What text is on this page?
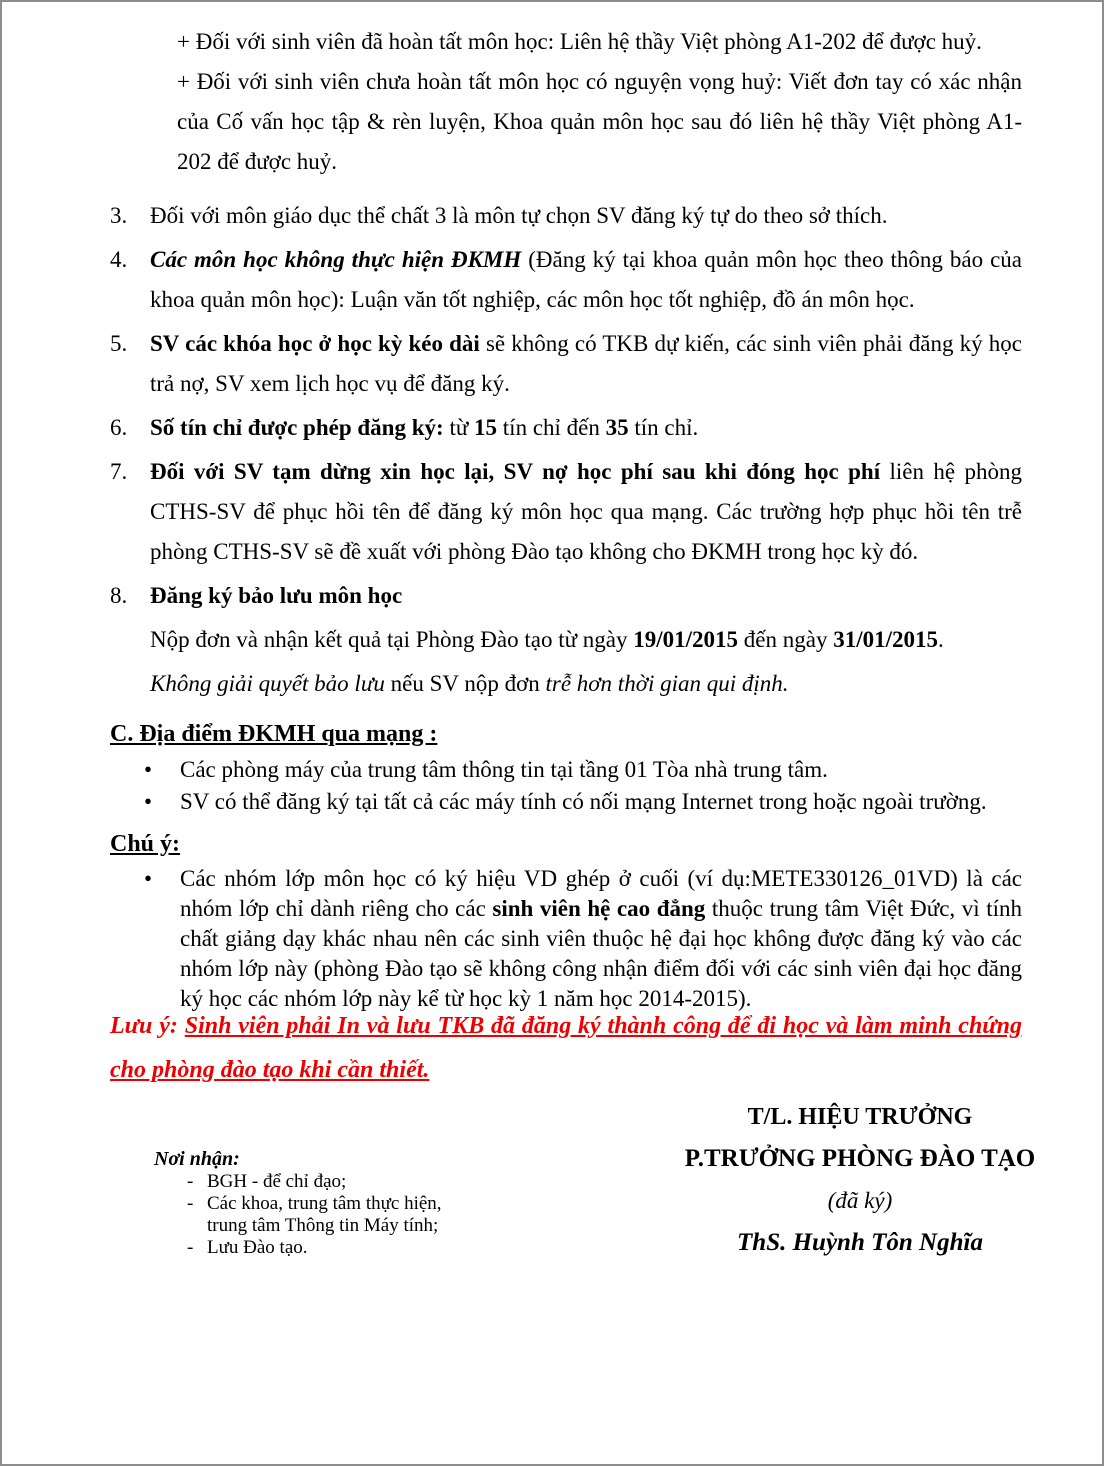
+ Đối với sinh viên đã hoàn tất môn học: Liên hệ thầy Việt phòng A1-202 để được huỷ.

+ Đối với sinh viên chưa hoàn tất môn học có nguyện vọng huỷ: Viết đơn tay có xác nhận của Cố vấn học tập & rèn luyện, Khoa quản môn học sau đó liên hệ thầy Việt phòng A1-202 để được huỷ.

3. Đối với môn giáo dục thể chất 3 là môn tự chọn SV đăng ký tự do theo sở thích.
4. Các môn học không thực hiện ĐKMH (Đăng ký tại khoa quản môn học theo thông báo của khoa quản môn học): Luận văn tốt nghiệp, các môn học tốt nghiệp, đồ án môn học.
5. SV các khóa học ở học kỳ kéo dài sẽ không có TKB dự kiến, các sinh viên phải đăng ký học trả nợ, SV xem lịch học vụ để đăng ký.
6. Số tín chỉ được phép đăng ký: từ 15 tín chỉ đến 35 tín chỉ.
7. Đối với SV tạm dừng xin học lại, SV nợ học phí sau khi đóng học phí liên hệ phòng CTHS-SV để phục hồi tên để đăng ký môn học qua mạng. Các trường hợp phục hồi tên trễ phòng CTHS-SV sẽ đề xuất với phòng Đào tạo không cho ĐKMH trong học kỳ đó.
8. Đăng ký bảo lưu môn học
Nộp đơn và nhận kết quả tại Phòng Đào tạo từ ngày 19/01/2015 đến ngày 31/01/2015.
Không giải quyết bảo lưu nếu SV nộp đơn trễ hơn thời gian qui định.
C. Địa điểm ĐKMH qua mạng :
• Các phòng máy của trung tâm thông tin tại tầng 01 Tòa nhà trung tâm.
• SV có thể đăng ký tại tất cả các máy tính có nối mạng Internet trong hoặc ngoài trường.
Chú ý:
• Các nhóm lớp môn học có ký hiệu VD ghép ở cuối (ví dụ:METE330126_01VD) là các nhóm lớp chỉ dành riêng cho các sinh viên hệ cao đẳng thuộc trung tâm Việt Đức, vì tính chất giảng dạy khác nhau nên các sinh viên thuộc hệ đại học không được đăng ký vào các nhóm lớp này (phòng Đào tạo sẽ không công nhận điểm đối với các sinh viên đại học đăng ký học các nhóm lớp này kể từ học kỳ 1 năm học 2014-2015).

Lưu ý: Sinh viên phải In và lưu TKB đã đăng ký thành công để đi học và làm minh chứng cho phòng đào tạo khi cần thiết.

T/L. HIỆU TRƯỞNG
P.TRƯỞNG PHÒNG ĐÀO TẠO
(đã ký)
ThS. Huỳnh Tôn Nghĩa
Nơi nhận:
- BGH - để chỉ đạo;
- Các khoa, trung tâm thực hiện,
trung tâm Thông tin Máy tính;
- Lưu Đào tạo.
